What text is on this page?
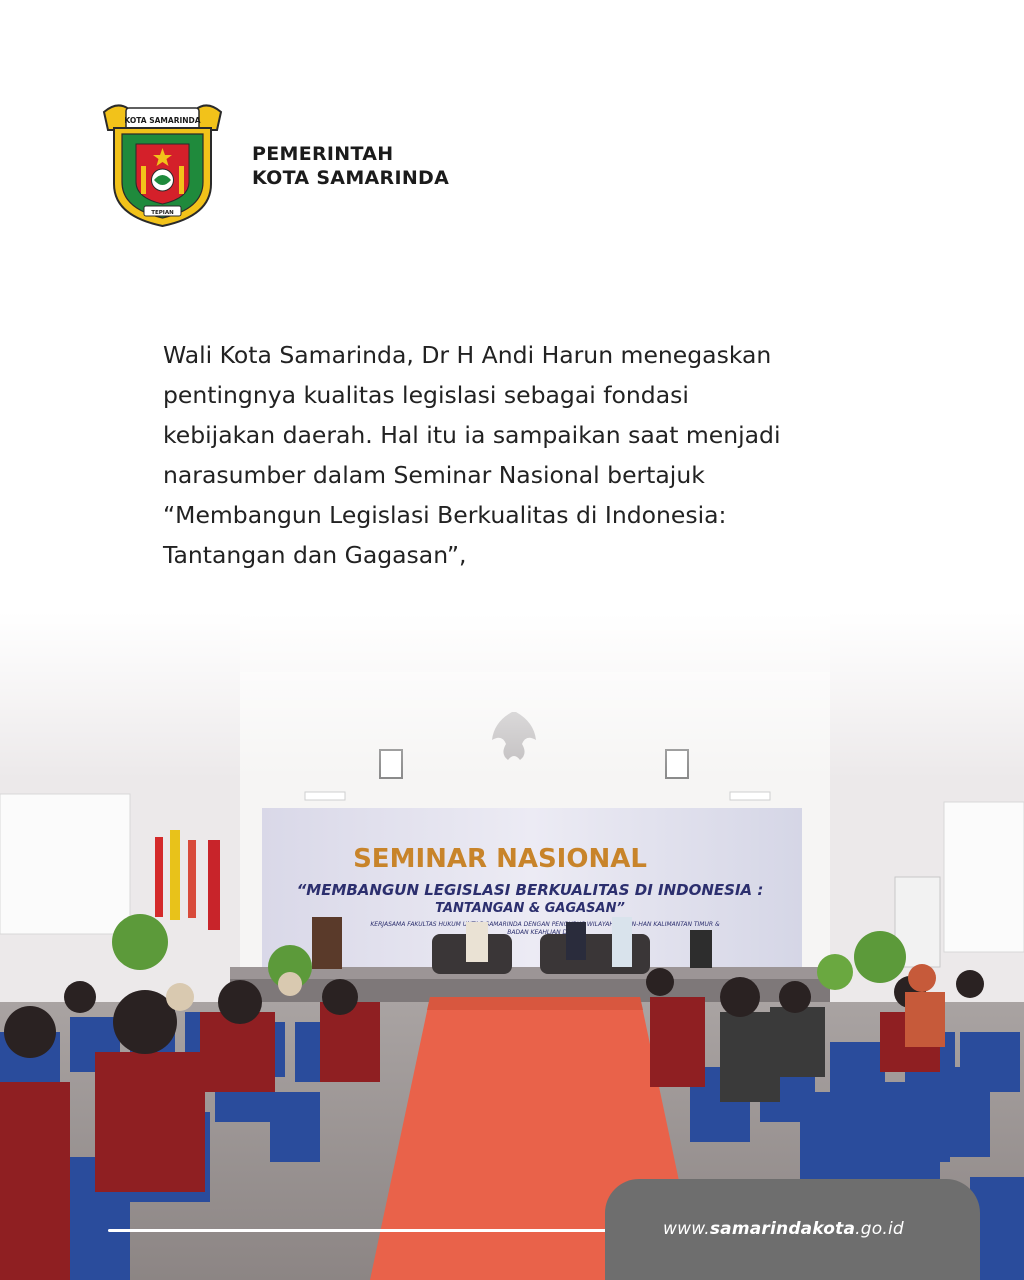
KOTA SAMARINDA
TEPIAN
PEMERINTAH
KOTA SAMARINDA
Wali Kota Samarinda, Dr H Andi Harun menegaskan
pentingnya kualitas legislasi sebagai fondasi
kebijakan daerah. Hal itu ia sampaikan saat menjadi
narasumber dalam Seminar Nasional bertajuk
“Membangun Legislasi Berkualitas di Indonesia:
Tantangan dan Gagasan”,
www.samarindakota.go.id
